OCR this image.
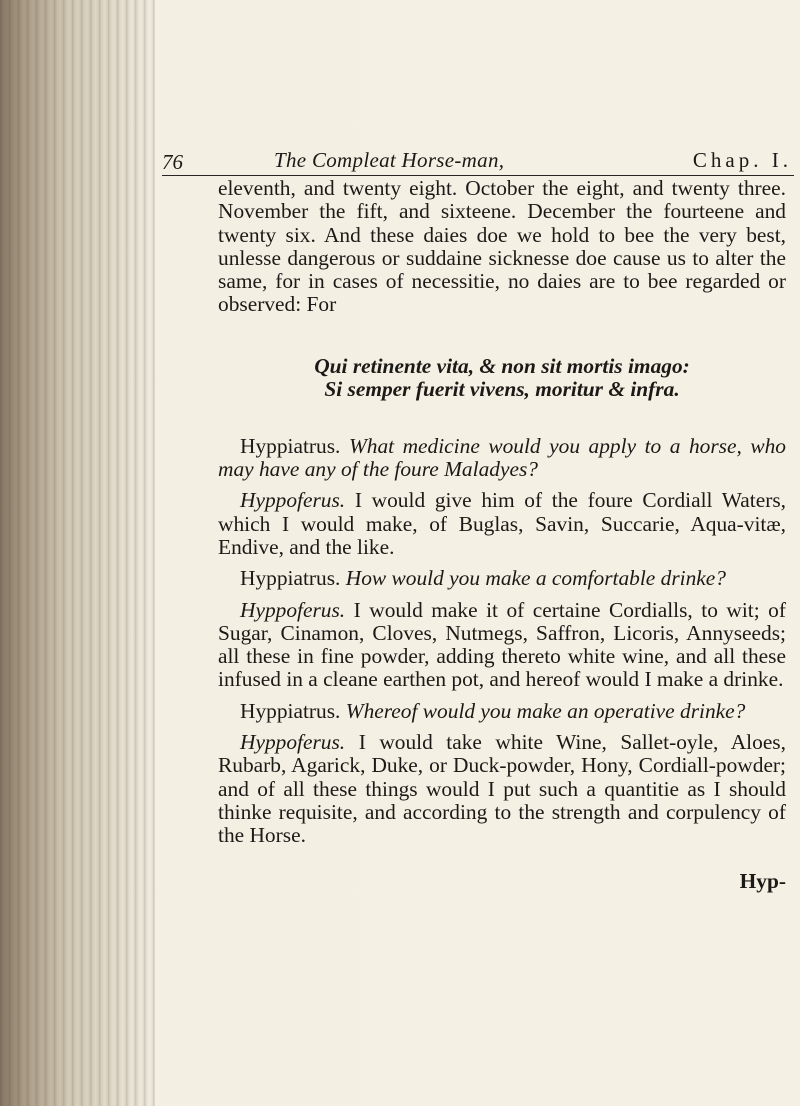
76	The Compleat Horse-man,	Chap. I.

eleventh, and twenty eight. October the eight, and twenty three. November the fift, and sixteene. December the fourteene and twenty six. And these daies doe we hold to bee the very best, unlesse dangerous or suddaine sicknesse doe cause us to alter the same, for in cases of necessitie, no daies are to bee regarded or observed: For

Qui retinente vita, & non sit mortis imago:
Si semper fuerit vivens, moritur & infra.

Hyppiatrus. What medicine would you apply to a horse, who may have any of the foure Maladyes?

Hyppoferus. I would give him of the foure Cordiall Waters, which I would make, of Buglas, Savin, Succarie, Aqua-vitæ, Endive, and the like.

Hyppiatrus. How would you make a comfortable drinke?

Hyppoferus. I would make it of certaine Cordialls, to wit; of Sugar, Cinamon, Cloves, Nutmegs, Saffron, Licoris, Annyseeds; all these in fine powder, adding thereto white wine, and all these infused in a cleane earthen pot, and hereof would I make a drinke.

Hyppiatrus. Whereof would you make an operative drinke?

Hyppoferus. I would take white Wine, Sallet-oyle, Aloes, Rubarb, Agarick, Duke, or Duck-powder, Hony, Cordiall-powder; and of all these things would I put such a quantitie as I should thinke requisite, and according to the strength and corpulency of the Horse.

Hyp-
